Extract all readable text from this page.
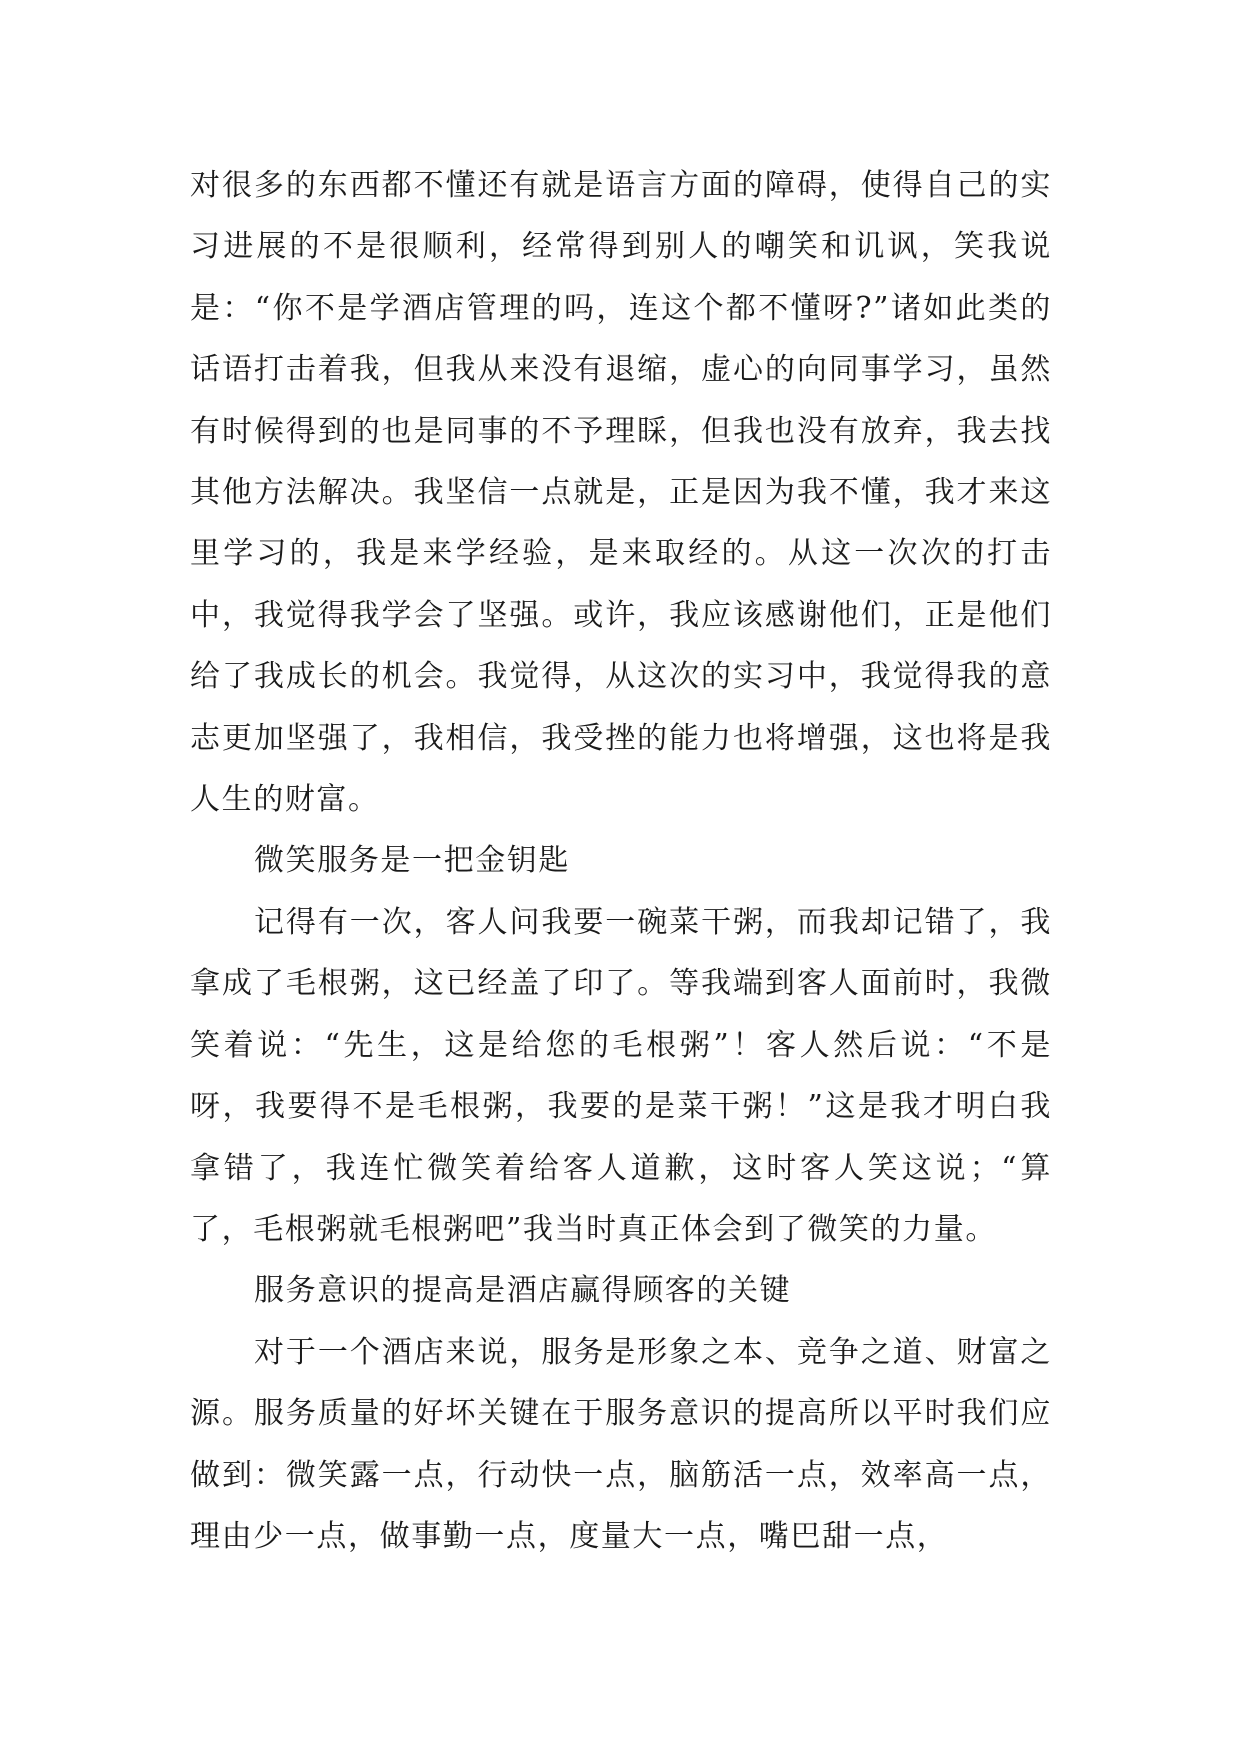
对很多的东西都不懂还有就是语言方面的障碍，使得自己的实习进展的不是很顺利，经常得到别人的嘲笑和讥讽，笑我说是：“你不是学酒店管理的吗，连这个都不懂呀?”诸如此类的话语打击着我，但我从来没有退缩，虚心的向同事学习，虽然有时候得到的也是同事的不予理睬，但我也没有放弃，我去找其他方法解决。我坚信一点就是，正是因为我不懂，我才来这里学习的，我是来学经验，是来取经的。从这一次次的打击中，我觉得我学会了坚强。或许，我应该感谢他们，正是他们给了我成长的机会。我觉得，从这次的实习中，我觉得我的意志更加坚强了，我相信，我受挫的能力也将增强，这也将是我人生的财富。

微笑服务是一把金钥匙

记得有一次，客人问我要一碗菜干粥，而我却记错了，我拿成了毛根粥，这已经盖了印了。等我端到客人面前时，我微笑着说：“先生，这是给您的毛根粥”！客人然后说：“不是呀，我要得不是毛根粥，我要的是菜干粥！”这是我才明白我拿错了，我连忙微笑着给客人道歉，这时客人笑这说；“算了，毛根粥就毛根粥吧”我当时真正体会到了微笑的力量。

服务意识的提高是酒店赢得顾客的关键

对于一个酒店来说，服务是形象之本、竞争之道、财富之源。服务质量的好坏关键在于服务意识的提高所以平时我们应做到：微笑露一点，行动快一点，脑筋活一点，效率高一点，理由少一点，做事勤一点，度量大一点，嘴巴甜一点，
